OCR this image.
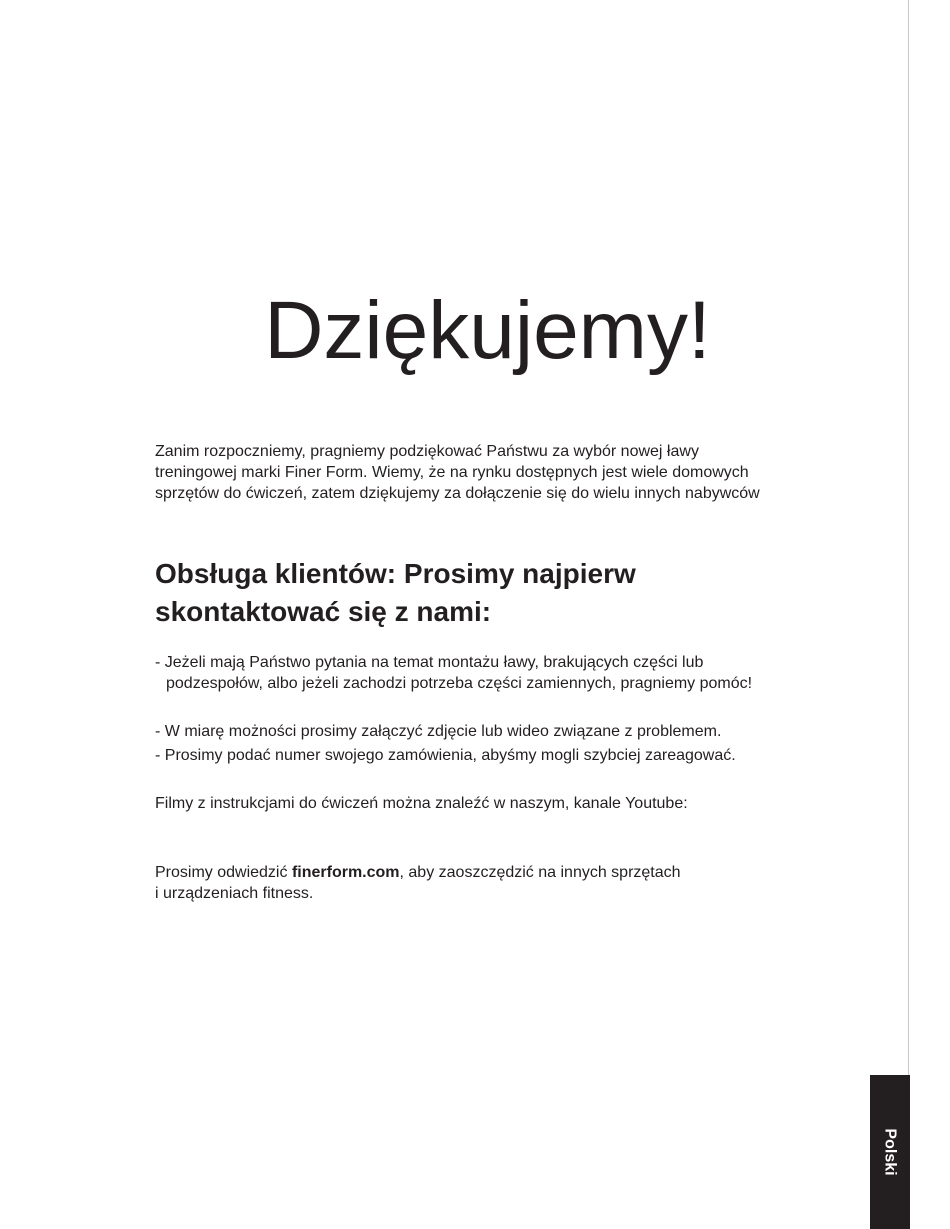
Dziękujemy!

Zanim rozpoczniemy, pragniemy podziękować Państwu za wybór nowej ławy
treningowej marki Finer Form. Wiemy, że na rynku dostępnych jest wiele domowych
sprzętów do ćwiczeń, zatem dziękujemy za dołączenie się do wielu innych nabywców

Obsługa klientów: Prosimy najpierw
skontaktować się z nami:

- Jeżeli mają Państwo pytania na temat montażu ławy, brakujących części lub
podzespołów, albo jeżeli zachodzi potrzeba części zamiennych, pragniemy pomóc!

- W miarę możności prosimy załączyć zdjęcie lub wideo związane z problemem.

- Prosimy podać numer swojego zamówienia, abyśmy mogli szybciej zareagować.

Filmy z instrukcjami do ćwiczeń można znaleźć w naszym, kanale Youtube:

Prosimy odwiedzić finerform.com, aby zaoszczędzić na innych sprzętach
i urządzeniach fitness.

Polski
